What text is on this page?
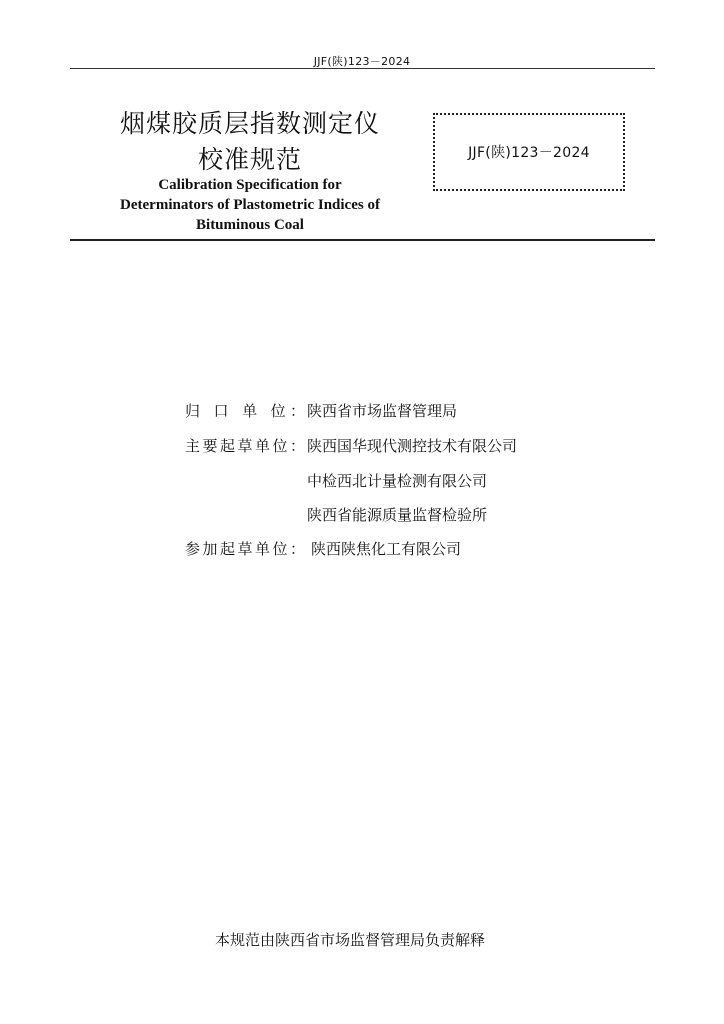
JJF(陕)123－2024
烟煤胶质层指数测定仪
校准规范
Calibration Specification for
Determinators of Plastometric Indices of
Bituminous Coal
JJF(陕)123－2024
归 口 单 位： 陕西省市场监督管理局
主要起草单位： 陕西国华现代测控技术有限公司
中检西北计量检测有限公司
陕西省能源质量监督检验所
参加起草单位： 陕西陕焦化工有限公司
本规范由陕西省市场监督管理局负责解释
